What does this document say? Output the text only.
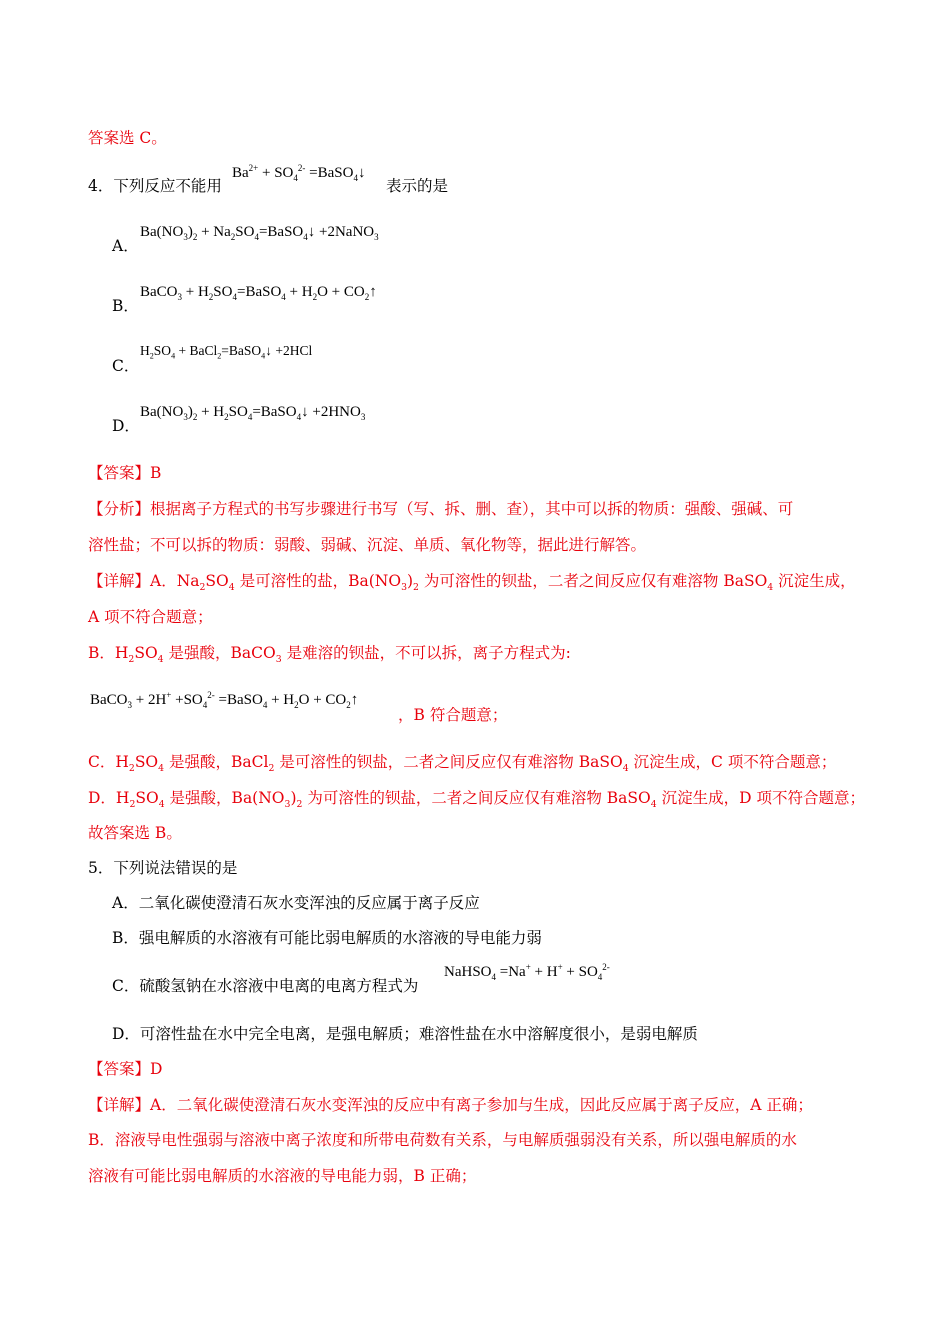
答案选 C。
4．下列反应不能用
$Ba^{2+} + SO_4^{2-}$ =BaSO$_4$↓
表示的是
A．
$Ba(NO_3)_2$ + $Na_2SO_4=BaSO_4↓$ +2NaNO$_3$
B．
BaCO$_3$ + $H_2SO_4=BaSO_4 + H_2O$ + $CO_2↑$
C．
$H_2SO_4$ + BaCl$_2$=BaSO$_4$↓ +2HCl
D．
$Ba(NO_3)_2$ + $H_2SO_4=BaSO_4↓ +2HNO_3$
【答案】B
【分析】根据离子方程式的书写步骤进行书写（写、拆、删、查），其中可以拆的物质：强酸、强碱、可
溶性盐；不可以拆的物质：弱酸、弱碱、沉淀、单质、氧化物等，据此进行解答。
【详解】A．$Na_2SO_4$ 是可溶性的盐，$Ba(NO_3)_2$ 为可溶性的钡盐，二者之间反应仅有难溶物 BaSO$_4$ 沉淀生成，
A 项不符合题意；
B．$H_2SO_4$ 是强酸，BaCO$_3$ 是难溶的钡盐，不可以拆，离子方程式为:
BaCO$_3$ + $2H^+ +SO_4^{2-}$ =BaSO$_4$ + $H_2O$ + $CO_2↑$
，B 符合题意；
C．$H_2SO_4$ 是强酸，BaCl$_2$ 是可溶性的钡盐，二者之间反应仅有难溶物 BaSO$_4$ 沉淀生成，C 项不符合题意；
D．$H_2SO_4$ 是强酸，$Ba(NO_3)_2$ 为可溶性的钡盐，二者之间反应仅有难溶物 BaSO$_4$ 沉淀生成，D 项不符合题意；
故答案选 B。
5．下列说法错误的是
A．二氧化碳使澄清石灰水变浑浊的反应属于离子反应
B．强电解质的水溶液有可能比弱电解质的水溶液的导电能力弱
C．硫酸氢钠在水溶液中电离的电离方程式为
NaHSO$_4$ $=Na^+ + H^+ + SO_4^{2-}$
D．可溶性盐在水中完全电离，是强电解质；难溶性盐在水中溶解度很小，是弱电解质
【答案】D
【详解】A．二氧化碳使澄清石灰水变浑浊的反应中有离子参加与生成，因此反应属于离子反应，A 正确；
B．溶液导电性强弱与溶液中离子浓度和所带电荷数有关系，与电解质强弱没有关系，所以强电解质的水
溶液有可能比弱电解质的水溶液的导电能力弱，B 正确；
